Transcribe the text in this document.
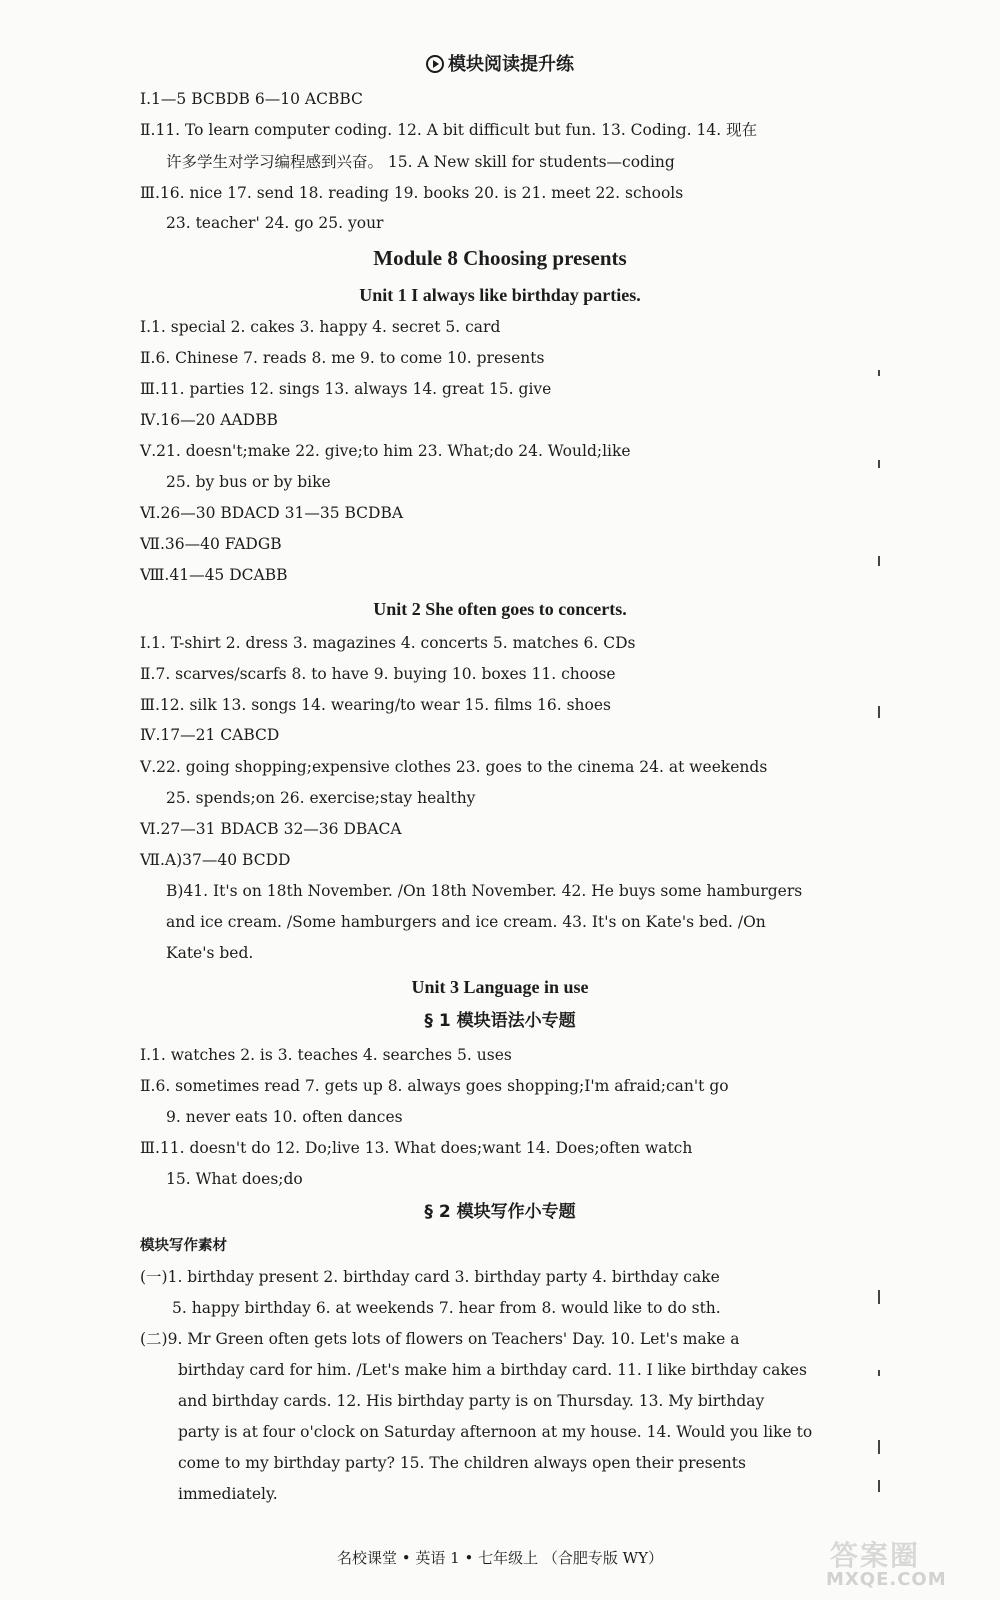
模块阅读提升练
Ⅰ.1—5 BCBDB 6—10 ACBBC
Ⅱ.11. To learn computer coding. 12. A bit difficult but fun. 13. Coding. 14. 现在
许多学生对学习编程感到兴奋。 15. A New skill for students—coding
Ⅲ.16. nice 17. send 18. reading 19. books 20. is 21. meet 22. schools
23. teacher' 24. go 25. your
Module 8 Choosing presents
Unit 1 I always like birthday parties.
Ⅰ.1. special 2. cakes 3. happy 4. secret 5. card
Ⅱ.6. Chinese 7. reads 8. me 9. to come 10. presents
Ⅲ.11. parties 12. sings 13. always 14. great 15. give
Ⅳ.16—20 AADBB
Ⅴ.21. doesn't;make 22. give;to him 23. What;do 24. Would;like
25. by bus or by bike
Ⅵ.26—30 BDACD 31—35 BCDBA
Ⅶ.36—40 FADGB
Ⅷ.41—45 DCABB
Unit 2 She often goes to concerts.
Ⅰ.1. T-shirt 2. dress 3. magazines 4. concerts 5. matches 6. CDs
Ⅱ.7. scarves/scarfs 8. to have 9. buying 10. boxes 11. choose
Ⅲ.12. silk 13. songs 14. wearing/to wear 15. films 16. shoes
Ⅳ.17—21 CABCD
Ⅴ.22. going shopping;expensive clothes 23. goes to the cinema 24. at weekends
25. spends;on 26. exercise;stay healthy
Ⅵ.27—31 BDACB 32—36 DBACA
Ⅶ.A)37—40 BCDD
B)41. It's on 18th November. /On 18th November. 42. He buys some hamburgers
and ice cream. /Some hamburgers and ice cream. 43. It's on Kate's bed. /On
Kate's bed.
Unit 3 Language in use
§ 1 模块语法小专题
Ⅰ.1. watches 2. is 3. teaches 4. searches 5. uses
Ⅱ.6. sometimes read 7. gets up 8. always goes shopping;I'm afraid;can't go
9. never eats 10. often dances
Ⅲ.11. doesn't do 12. Do;live 13. What does;want 14. Does;often watch
15. What does;do
§ 2 模块写作小专题
模块写作素材
(一)1. birthday present 2. birthday card 3. birthday party 4. birthday cake
5. happy birthday 6. at weekends 7. hear from 8. would like to do sth.
(二)9. Mr Green often gets lots of flowers on Teachers' Day. 10. Let's make a
birthday card for him. /Let's make him a birthday card. 11. I like birthday cakes
and birthday cards. 12. His birthday party is on Thursday. 13. My birthday
party is at four o'clock on Saturday afternoon at my house. 14. Would you like to
come to my birthday party? 15. The children always open their presents
immediately.
名校课堂 • 英语 1 • 七年级上 （合肥专版 WY）	答案圈
MXQE.COM
